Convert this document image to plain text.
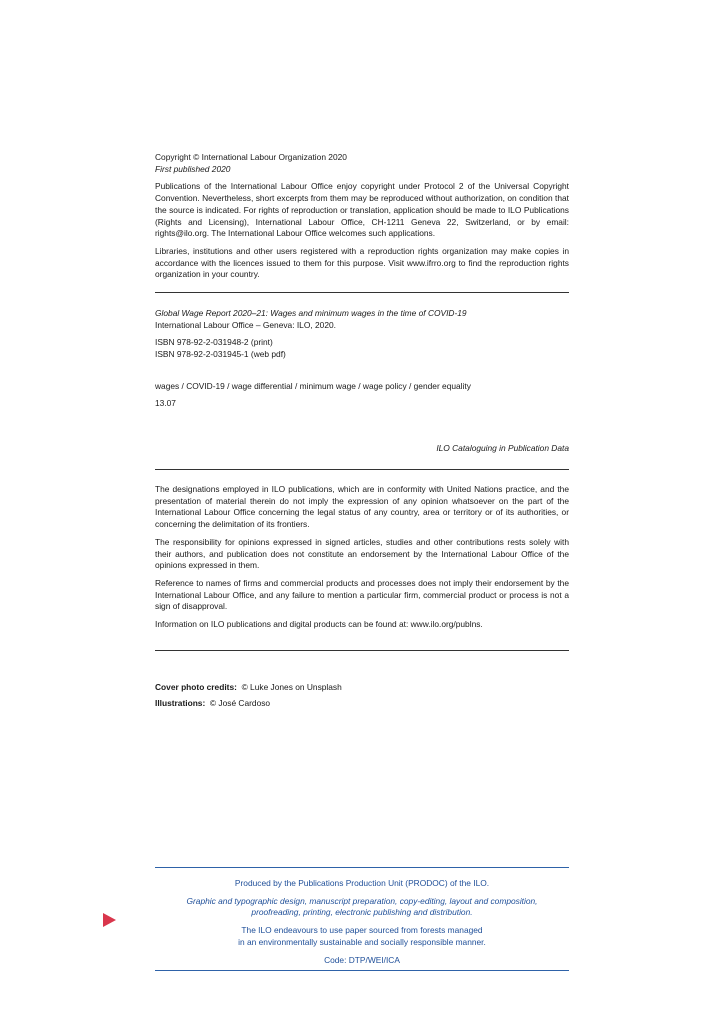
Copyright © International Labour Organization 2020

First published 2020

Publications of the International Labour Office enjoy copyright under Protocol 2 of the Universal Copyright Convention. Nevertheless, short excerpts from them may be reproduced without authorization, on condition that the source is indicated. For rights of reproduction or translation, application should be made to ILO Publications (Rights and Licensing), International Labour Office, CH-1211 Geneva 22, Switzerland, or by email: rights@ilo.org. The International Labour Office welcomes such applications.

Libraries, institutions and other users registered with a reproduction rights organization may make copies in accordance with the licences issued to them for this purpose. Visit www.ifrro.org to find the reproduction rights organization in your country.

Global Wage Report 2020–21: Wages and minimum wages in the time of COVID-19

International Labour Office – Geneva: ILO, 2020.

ISBN 978-92-2-031948-2 (print)

ISBN 978-92-2-031945-1 (web pdf)

wages / COVID-19 / wage differential / minimum wage / wage policy / gender equality

13.07

ILO Cataloguing in Publication Data

The designations employed in ILO publications, which are in conformity with United Nations practice, and the presentation of material therein do not imply the expression of any opinion whatsoever on the part of the International Labour Office concerning the legal status of any country, area or territory or of its authorities, or concerning the delimitation of its frontiers.

The responsibility for opinions expressed in signed articles, studies and other contributions rests solely with their authors, and publication does not constitute an endorsement by the International Labour Office of the opinions expressed in them.

Reference to names of firms and commercial products and processes does not imply their endorsement by the International Labour Office, and any failure to mention a particular firm, commercial product or process is not a sign of disapproval.

Information on ILO publications and digital products can be found at: www.ilo.org/publns.

Cover photo credits: © Luke Jones on Unsplash

Illustrations: © José Cardoso

Produced by the Publications Production Unit (PRODOC) of the ILO.

Graphic and typographic design, manuscript preparation, copy-editing, layout and composition,

proofreading, printing, electronic publishing and distribution.

The ILO endeavours to use paper sourced from forests managed

in an environmentally sustainable and socially responsible manner.

Code: DTP/WEI/ICA
